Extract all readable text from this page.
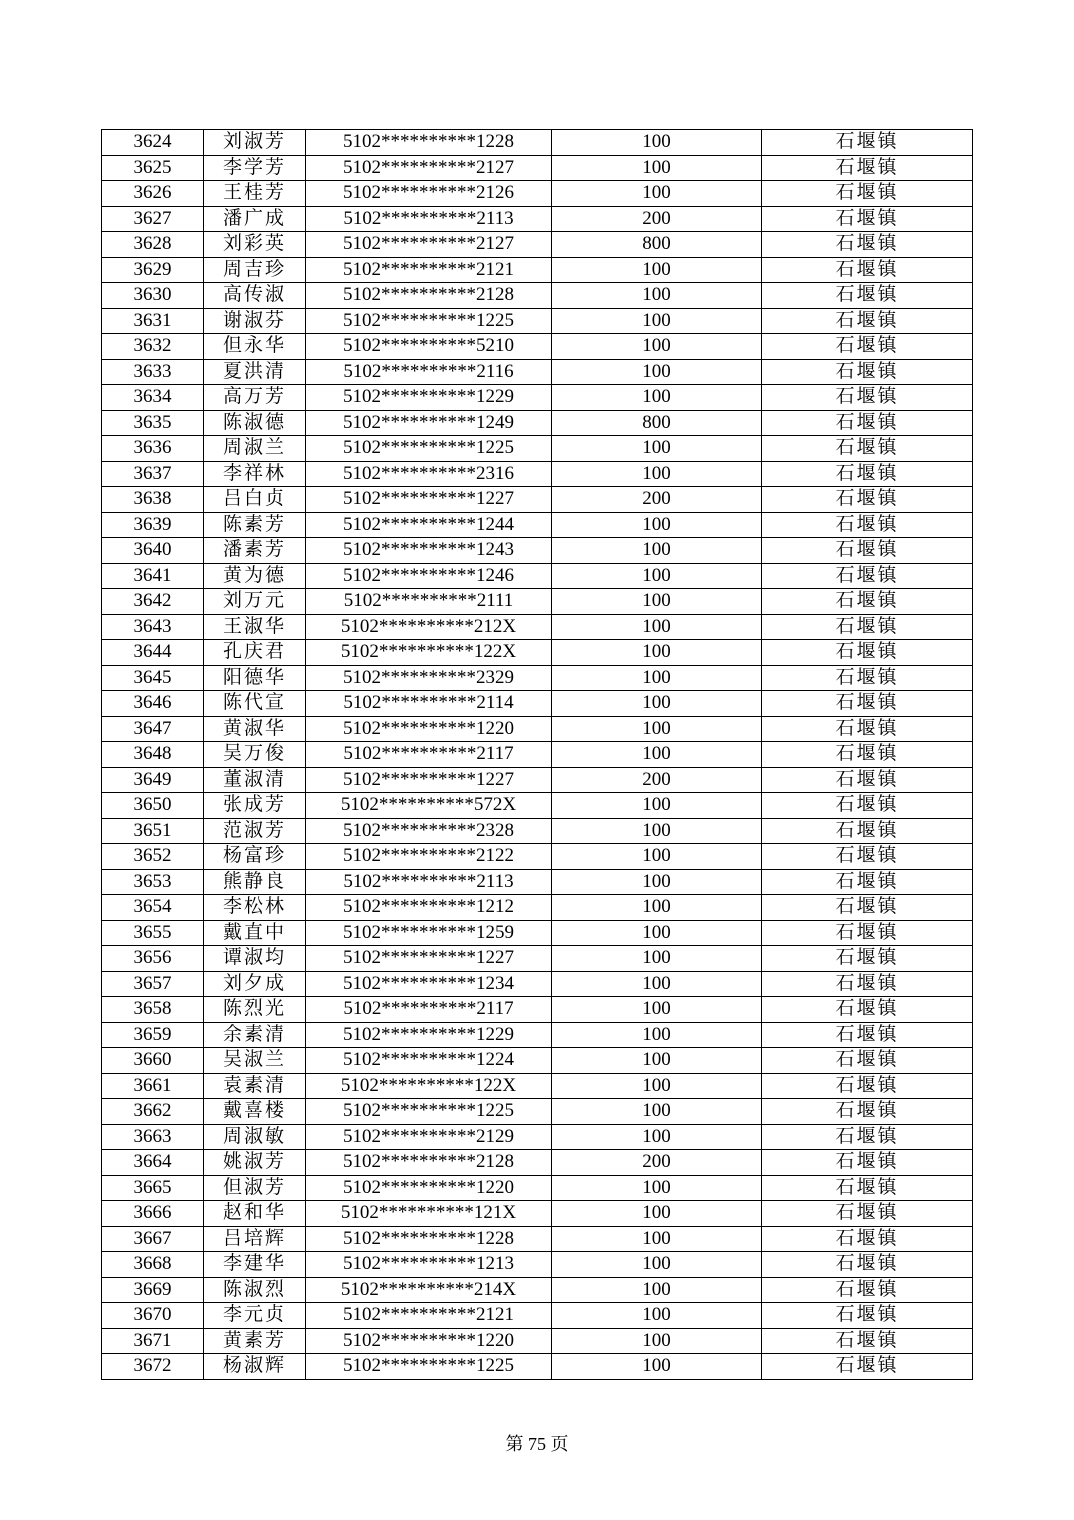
3624	刘淑芳	5102**********1228	100	石堰镇
3625	李学芳	5102**********2127	100	石堰镇
3626	王桂芳	5102**********2126	100	石堰镇
3627	潘广成	5102**********2113	200	石堰镇
3628	刘彩英	5102**********2127	800	石堰镇
3629	周吉珍	5102**********2121	100	石堰镇
3630	高传淑	5102**********2128	100	石堰镇
3631	谢淑芬	5102**********1225	100	石堰镇
3632	但永华	5102**********5210	100	石堰镇
3633	夏洪清	5102**********2116	100	石堰镇
3634	高万芳	5102**********1229	100	石堰镇
3635	陈淑德	5102**********1249	800	石堰镇
3636	周淑兰	5102**********1225	100	石堰镇
3637	李祥林	5102**********2316	100	石堰镇
3638	吕白贞	5102**********1227	200	石堰镇
3639	陈素芳	5102**********1244	100	石堰镇
3640	潘素芳	5102**********1243	100	石堰镇
3641	黄为德	5102**********1246	100	石堰镇
3642	刘万元	5102**********2111	100	石堰镇
3643	王淑华	5102**********212X	100	石堰镇
3644	孔庆君	5102**********122X	100	石堰镇
3645	阳德华	5102**********2329	100	石堰镇
3646	陈代宣	5102**********2114	100	石堰镇
3647	黄淑华	5102**********1220	100	石堰镇
3648	吴万俊	5102**********2117	100	石堰镇
3649	董淑清	5102**********1227	200	石堰镇
3650	张成芳	5102**********572X	100	石堰镇
3651	范淑芳	5102**********2328	100	石堰镇
3652	杨富珍	5102**********2122	100	石堰镇
3653	熊静良	5102**********2113	100	石堰镇
3654	李松林	5102**********1212	100	石堰镇
3655	戴直中	5102**********1259	100	石堰镇
3656	谭淑均	5102**********1227	100	石堰镇
3657	刘夕成	5102**********1234	100	石堰镇
3658	陈烈光	5102**********2117	100	石堰镇
3659	余素清	5102**********1229	100	石堰镇
3660	吴淑兰	5102**********1224	100	石堰镇
3661	袁素清	5102**********122X	100	石堰镇
3662	戴喜楼	5102**********1225	100	石堰镇
3663	周淑敏	5102**********2129	100	石堰镇
3664	姚淑芳	5102**********2128	200	石堰镇
3665	但淑芳	5102**********1220	100	石堰镇
3666	赵和华	5102**********121X	100	石堰镇
3667	吕培辉	5102**********1228	100	石堰镇
3668	李建华	5102**********1213	100	石堰镇
3669	陈淑烈	5102**********214X	100	石堰镇
3670	李元贞	5102**********2121	100	石堰镇
3671	黄素芳	5102**********1220	100	石堰镇
3672	杨淑辉	5102**********1225	100	石堰镇
第 75 页
